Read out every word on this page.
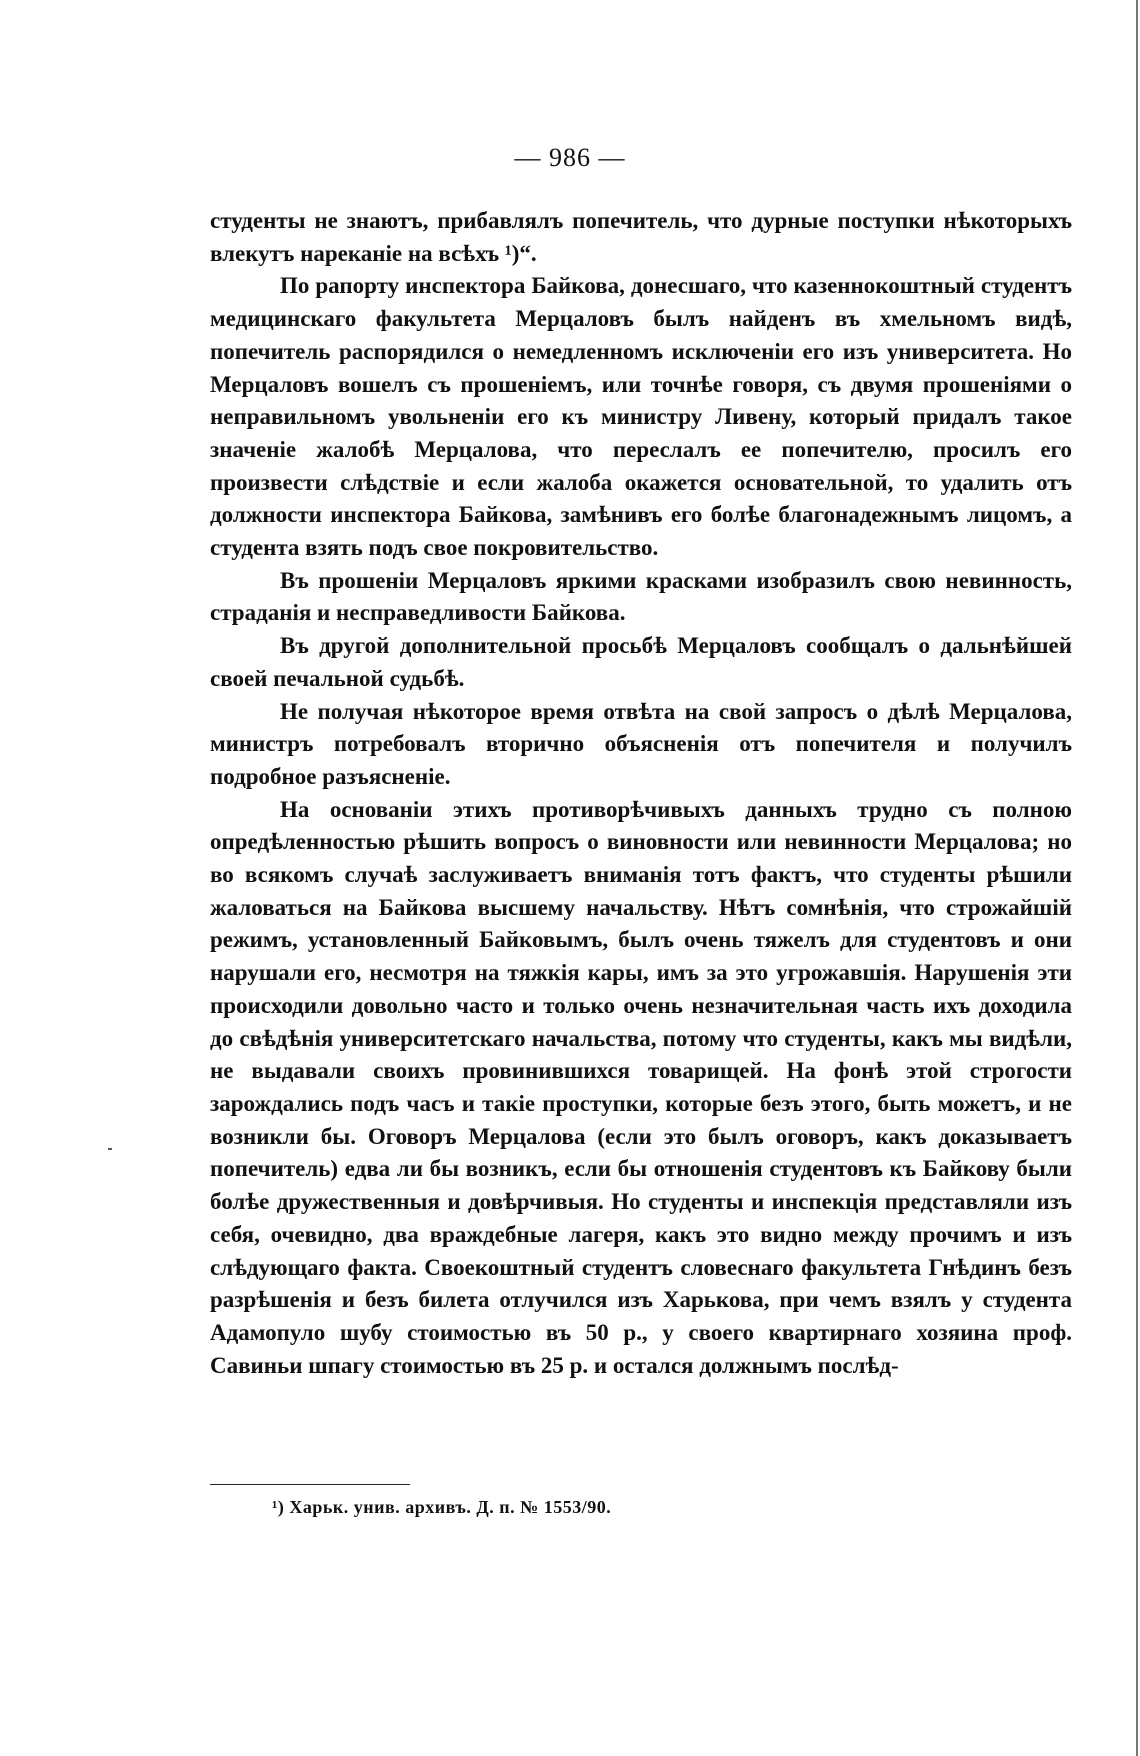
— 986 —

студенты не знаютъ, прибавлялъ попечитель, что дурные поступки нѣкоторыхъ влекутъ нареканіе на всѣхъ ¹)“.

По рапорту инспектора Байкова, донесшаго, что казеннокоштный студентъ медицинскаго факультета Мерцаловъ былъ найденъ въ хмельномъ видѣ, попечитель распорядился о немедленномъ исключеніи его изъ университета. Но Мерцаловъ вошелъ съ прошеніемъ, или точнѣе говоря, съ двумя прошеніями о неправильномъ увольненіи его къ министру Ливену, который придалъ такое значеніе жалобѣ Мерцалова, что переслалъ ее попечителю, просилъ его произвести слѣдствіе и если жалоба окажется основательной, то удалить отъ должности инспектора Байкова, замѣнивъ его болѣе благонадежнымъ лицомъ, а студента взять подъ свое покровительство.

Въ прошеніи Мерцаловъ яркими красками изобразилъ свою невинность, страданія и несправедливости Байкова.

Въ другой дополнительной просьбѣ Мерцаловъ сообщалъ о дальнѣйшей своей печальной судьбѣ.

Не получая нѣкоторое время отвѣта на свой запросъ о дѣлѣ Мерцалова, министръ потребовалъ вторично объясненія отъ попечителя и получилъ подробное разъясненіе.

На основаніи этихъ противорѣчивыхъ данныхъ трудно съ полною опредѣленностью рѣшить вопросъ о виновности или невинности Мерцалова; но во всякомъ случаѣ заслуживаетъ вниманія тотъ фактъ, что студенты рѣшили жаловаться на Байкова высшему начальству. Нѣтъ сомнѣнія, что строжайшій режимъ, установленный Байковымъ, былъ очень тяжелъ для студентовъ и они нарушали его, несмотря на тяжкія кары, имъ за это угрожавшія. Нарушенія эти происходили довольно часто и только очень незначительная часть ихъ доходила до свѣдѣнія университетскаго начальства, потому что студенты, какъ мы видѣли, не выдавали своихъ провинившихся товарищей. На фонѣ этой строгости зарождались подъ часъ и такіе проступки, которые безъ этого, быть можетъ, и не возникли бы. Оговоръ Мерцалова (если это былъ оговоръ, какъ доказываетъ попечитель) едва ли бы возникъ, если бы отношенія студентовъ къ Байкову были болѣе дружественныя и довѣрчивыя. Но студенты и инспекція представляли изъ себя, очевидно, два враждебные лагеря, какъ это видно между прочимъ и изъ слѣдующаго факта. Своекоштный студентъ словеснаго факультета Гнѣдинъ безъ разрѣшенія и безъ билета отлучился изъ Харькова, при чемъ взялъ у студента Адамопуло шубу стоимостью въ 50 р., у своего квартирнаго хозяина проф. Савиньи шпагу стоимостью въ 25 р. и остался должнымъ послѣд-

¹) Харьк. унив. архивъ. Д. п. № 1553/90.
